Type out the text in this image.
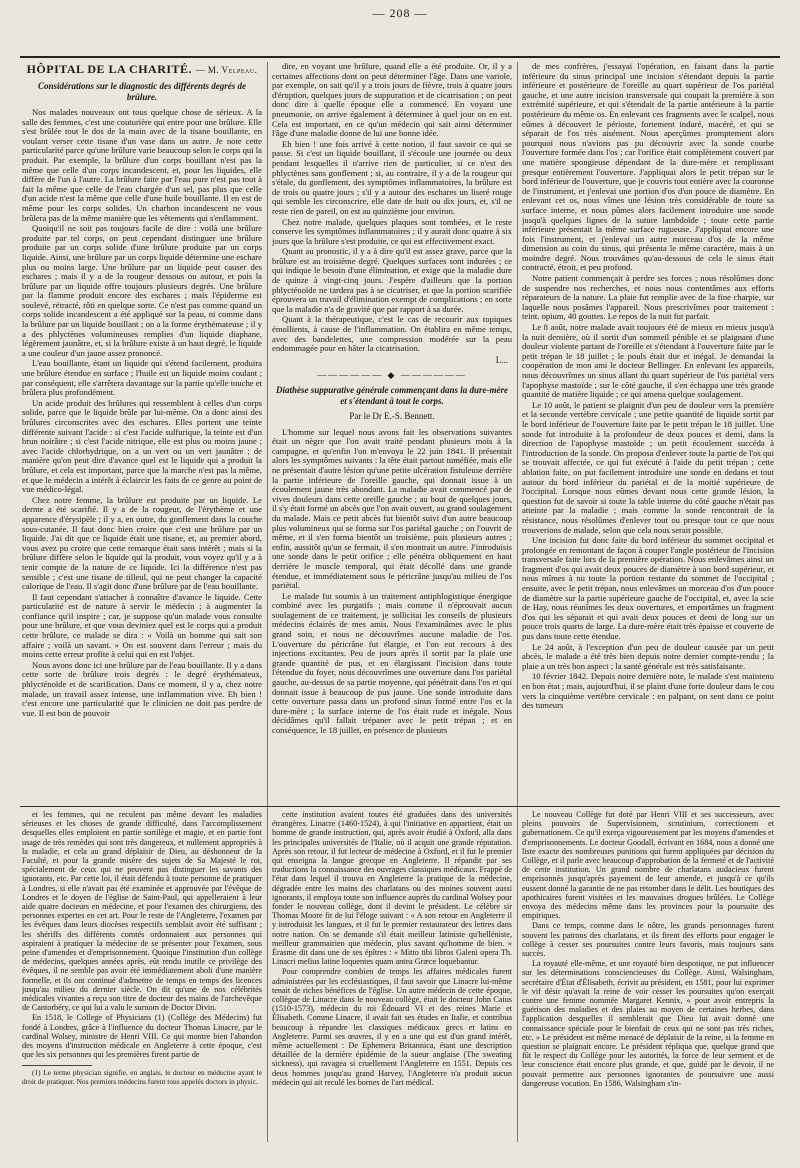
— 208 —
HÔPITAL DE LA CHARITÉ. — M. Velpeau.
Considérations sur le diagnostic des différents degrés de brûlure.

Nos malades nouveaux ont tous quelque chose de sérieux. A la salle des femmes, c'est une couturière qui entre pour une brûlure. Elle s'est brûlée tout le dos de la main avec de la tisane bouillante, en voulant verser cette tisane d'un vase dans un autre. Je note cette particularité parce qu'une brûlure varie beaucoup selon le corps qui la produit. Par exemple, la brûlure d'un corps bouillant n'est pas la même que celle d'un corps incandescent, et, pour les liquides, elle diffère de l'un à l'autre. La brûlure faite par l'eau pure n'est pas tout à fait la même que celle de l'eau chargée d'un sel, pas plus que celle d'un acide n'est la même que celle d'une huile bouillante. Il en est de même pour les corps solides. Un charbon incandescent ne vous brûlera pas de la même manière que les vêtements qui s'enflamment.

Quoiqu'il ne soit pas toujours facile de dire : voilà une brûlure produite par tel corps, on peut cependant distinguer une brûlure produite par un corps solide d'une brûlure produite par un corps liquide. Ainsi, une brûlure par un corps liquide détermine une eschare plus ou moins large. Une brûlure par un liquide peut causer des eschares ; mais il y a de la rougeur dessous ou autour, et puis la brûlure par un liquide offre toujours plusieurs degrés. Une brûlure par la flamme produit encore des eschares ; mais l'épiderme est soulevé, rétracté, rôti en quelque sorte. Ce n'est pas comme quand un corps solide incandescent a été appliqué sur la peau, ni comme dans la brûlure par un liquide bouillant ; on a la forme érythémateuse ; il y a des phlyctènes volumineuses remplies d'un liquide diaphane, légèrement jaunâtre, et, si la brûlure existe à un haut degré, le liquide a une couleur d'un jaune assez prononcé.

L'eau bouillante, étant un liquide qui s'étend facilement, produira une brûlure étendue en surface ; l'huile est un liquide moins coulant ; par conséquent, elle s'arrêtera davantage sur la partie qu'elle touche et brûlera plus profondément.

Un acide produit des brûlures qui ressemblent à celles d'un corps solide, parce que le liquide brûle par lui-même. On a donc ainsi des brûlures circonscrites avec des eschares. Elles portent une teinte différente suivant l'acide : si c'est l'acide sulfurique, la teinte est d'un brun noirâtre ; si c'est l'acide nitrique, elle est plus ou moins jaune ; avec l'acide chlorhydrique, on a un vert ou un vert jaunâtre ; de manière qu'on peut dire d'avance quel est le liquide qui a produit la brûlure, et cela est important, parce que la marche n'est pas la même, et que le médecin a intérêt à éclaircir les faits de ce genre au point de vue médico-légal.

Chez notre femme, la brûlure est produite par un liquide. Le derme a été scarifié. Il y a de la rougeur, de l'érythème et une apparence d'érysipèle ; il y a, en outre, du gonflement dans la couche sous-cutanée. Il faut donc bien croire que c'est une brûlure par un liquide. J'ai dit que ce liquide était une tisane, et, au premier abord, vous avez pu croire que cette remarque était sans intérêt ; mais si la brûlure diffère selon le liquide qui la produit, vous voyez qu'il y a à tenir compte de la nature de ce liquide. Ici la différence n'est pas sensible ; c'est une tisane de tilleul, qui ne peut changer la capacité calorique de l'eau. Il s'agit donc d'une brûlure par de l'eau bouillante.

Il faut cependant s'attacher à connaître d'avance le liquide. Cette particularité est de nature à servir le médecin ; à augmenter la confiance qu'il inspire ; car, je suppose qu'un malade vous consulte pour une brûlure, et que vous deviniez quel est le corps qui a produit cette brûlure, ce malade se dira : « Voilà un homme qui sait son affaire ; voilà un savant. » On est souvent dans l'erreur ; mais du moins cette erreur profite à celui qui en est l'objet.

Nous avons donc ici une brûlure par de l'eau bouillante. Il y a dans cette sorte de brûlure trois degrés : le degré érythémateux, phlycténoïde et de scarification. Dans ce moment, il y a, chez notre malade, un travail assez intense, une inflammation vive. Eh bien ! c'est encore une particularité que le clinicien ne doit pas perdre de vue. Il est bon de pouvoir

dire, en voyant une brûlure, quand elle a été produite. Or, il y a certaines affections dont on peut déterminer l'âge. Dans une variole, par exemple, on sait qu'il y a trois jours de fièvre, trois à quatre jours d'éruption, quelques jours de suppuration et de cicatrisation ; on peut donc dire à quelle époque elle a commencé. En voyant une pneumonie, on arrive également à déterminer à quel jour on en est. Cela est important, en ce qu'un médecin qui sait ainsi déterminer l'âge d'une maladie donne de lui une bonne idée.

Eh bien ! une fois arrivé à cette notion, il faut savoir ce qui se passe. Si c'est un liquide bouillant, il s'écoule une journée ou deux pendant lesquelles il n'arrive rien de particulier, si ce n'est des phlyctènes sans gonflement ; si, au contraire, il y a de la rougeur qui s'étale, du gonflement, des symptômes inflammatoires, la brûlure est de trois ou quatre jours ; s'il y a autour des eschares un liseré rouge qui semble les circonscrire, elle date de huit ou dix jours, et, s'il ne reste rien de pareil, on est au quinzième jour environ.

Chez notre malade, quelques plaques sont tombées, et le reste conserve les symptômes inflammatoires ; il y aurait donc quatre à six jours que la brûlure s'est produite, ce qui est effectivement exact.

Quant au pronostic, il y a à dire qu'il est assez grave, parce que la brûlure est au troisième degré. Quelques surfaces sont indurées ; ce qui indique le besoin d'une élimination, et exige que la maladie dure de quinze à vingt-cinq jours. J'espère d'ailleurs que la portion phlycténoïde ne tardera pas à se cicatriser, et que la portion scarifiée éprouvera un travail d'élimination exempt de complications ; en sorte que la maladie n'a de gravité que par rapport à sa durée.

Quant à la thérapeutique, c'est le cas de recourir aux topiques émollients, à cause de l'inflammation. On établira en même temps, avec des bandelettes, une compression modérée sur la peau endommagée pour en hâter la cicatrisation.

L...
—————— ◆ ——————
Diathèse suppurative générale commençant dans la dure-mère et s'étendant à tout le corps.
Par le Dr E.-S. Bennett.

L'homme sur lequel nous avons fait les observations suivantes était un nègre que l'on avait traité pendant plusieurs mois à la campagne, et qu'enfin l'on m'envoya le 22 juin 1841. Il présentait alors les symptômes suivants : la tête était partout tuméfiée, mais elle ne présentait d'autre lésion qu'une petite ulcération fistuleuse derrière la partie inférieure de l'oreille gauche, qui donnait issue à un écoulement jaune très abondant. La maladie avait commencé par de vives douleurs dans cette oreille gauche ; au bout de quelques jours, il s'y était formé un abcès que l'on avait ouvert, au grand soulagement du malade. Mais ce petit abcès fut bientôt suivi d'un autre beaucoup plus volumineux qui se forma sur l'os pariétal gauche ; on l'ouvrit de même, et il s'en forma bientôt un troisième, puis plusieurs autres ; enfin, aussitôt qu'un se fermait, il s'en montrait un autre. J'introduisis une sonde dans le petit orifice ; elle pénétra obliquement en haut derrière le muscle temporal, qui était décollé dans une grande étendue, et immédiatement sous le péricrâne jusqu'au milieu de l'os pariétal.

Le malade fut soumis à un traitement antiphlogistique énergique combiné avec les purgatifs ; mais comme il n'éprouvait aucun soulagement de ce traitement, je sollicitai les conseils de plusieurs médecins éclairés de mes amis. Nous l'examinâmes avec le plus grand soin, et nous ne découvrîmes aucune maladie de l'os. L'ouverture du péricrâne fut élargie, et l'on eut recours à des injections excitantes. Peu de jours après il sortit par la plaie une grande quantité de pus, et en élargissant l'incision dans toute l'étendue du foyer, nous découvrîmes une ouverture dans l'os pariétal gauche, au-dessus de sa partie moyenne, qui pénétrait dans l'os et qui donnait issue à beaucoup de pus jaune. Une sonde introduite dans cette ouverture passa dans un profond sinus formé entre l'os et la dure-mère ; la surface interne de l'os était rude et inégale. Nous décidâmes qu'il fallait trépaner avec le petit trépan ; et en conséquence, le 18 juillet, en présence de plusieurs

de mes confrères, j'essayai l'opération, en faisant dans la partie inférieure du sinus principal une incision s'étendant depuis la partie inférieure et postérieure de l'oreille au quart supérieur de l'os pariétal gauche, et une autre incision transversale qui coupait la première à son extrémité supérieure, et qui s'étendait de la partie antérieure à la partie postérieure du même os. En enlevant ces fragments avec le scalpel, nous eûmes à découvert le périoste, fortement induré, macéré, et qui se séparait de l'os très aisément. Nous aperçûmes promptement alors pourquoi nous n'avions pas pu découvrir avec la sonde courbe l'ouverture formée dans l'os ; car l'orifice était complètement couvert par une matière spongieuse dépendant de la dure-mère et remplissant presque entièrement l'ouverture. J'appliquai alors le petit trépan sur le bord inférieur de l'ouverture, que je couvris tout entière avec la couronne de l'instrument, et j'enlevai une portion d'os d'un pouce de diamètre. En enlevant cet os, nous vîmes une lésion très considérable de toute sa surface interne, et nous pûmes alors facilement introduire une sonde jusqu'à quelques lignes de la suture lambdoïde ; toute cette partie inférieure présentait la même surface rugueuse. J'appliquai encore une fois l'instrument, et j'enlevai un autre morceau d'os de la même dimension au coin du sinus, qui présenta le même caractère, mais à un moindre degré. Nous trouvâmes qu'au-dessous de cela le sinus était contracté, étroit, et peu profond.

Notre patient commençait à perdre ses forces ; nous résolûmes donc de suspendre nos recherches, et nous nous contentâmes aux efforts réparateurs de la nature. La plaie fut remplie avec de la fine charpie, sur laquelle nous posâmes l'appareil. Nous prescrivîmes pour traitement : teint. opium, 40 gouttes. Le repos de la nuit fut parfait.

Le 8 août, notre malade avait toujours été de mieux en mieux jusqu'à la nuit dernière, où il sortit d'un sommeil pénible et se plaignant d'une douleur violente partant de l'oreille et s'étendant à l'ouverture faite par le petit trépan le 18 juillet ; le pouls était dur et inégal. Je demandai la coopération de mon ami le docteur Bellinger. En enlevant les appareils, nous découvrîmes un sinus allant du quart supérieur de l'os pariétal vers l'apophyse mastoïde ; sur le côté gauche, il s'en échappa une très grande quantité de matière liquide ; ce qui amena quelque soulagement.

Le 10 août, le patient se plaignit d'un peu de douleur vers la première et la seconde vertèbre cervicale ; une petite quantité de liquide sortit par le bord inférieur de l'ouverture faite par le petit trépan le 18 juillet. Une sonde fut introduite à la profondeur de deux pouces et demi, dans la direction de l'apophyse mastoïde ; un petit écoulement succéda à l'introduction de la sonde. On proposa d'enlever toute la partie de l'os qui se trouvait affectée, ce qui fut exécuté à l'aide du petit trépan ; cette ablation faite, on put facilement introduire une sonde en dedans et tout autour du bord inférieur du pariétal et de la moitié supérieure de l'occipital. Lorsque nous eûmes devant nous cette grande lésion, la question fut de savoir si toute la table interne du côté gauche n'était pas atteinte par la maladie ; mais comme la sonde rencontrait de la résistance, nous résolûmes d'enlever tout ou presque tout ce que nous trouverions de malade, selon que cela nous serait possible.

Une incision fut donc faite du bord inférieur du sommet occipital et prolongée en remontant de façon à couper l'angle postérieur de l'incision transversale faite lors de la première opération. Nous enlevâmes ainsi un fragment d'os qui avait deux pouces de diamètre à son bord supérieur, et nous mîmes à nu toute la portion restante du sommet de l'occipital ; ensuite, avec le petit trépan, nous enlevâmes un morceau d'os d'un pouce de diamètre sur la partie supérieure gauche de l'occipital, et, avec la scie de Hay, nous réunîmes les deux ouvertures, et emportâmes un fragment d'os qui les séparait et qui avait deux pouces et demi de long sur un pouce trois quarts de large. La dure-mère était très épaisse et couverte de pus dans toute cette étendue.

Le 24 août, à l'exception d'un peu de douleur causée par un petit abcès, le malade a été très bien depuis notre dernier compte-rendu ; la plaie a un très bon aspect ; la santé générale est très satisfaisante.

10 février 1842. Depuis notre dernière note, le malade s'est maintenu en bon état ; mais, aujourd'hui, il se plaint d'une forte douleur dans le cou vers la cinquième vertèbre cervicale : en palpant, on sent dans ce point des tumeurs

et les femmes, qui ne reculent pas même devant les maladies sérieuses et les choses de grande difficulté, dans l'accomplissement desquelles elles emploient en partie sortilège et magie, et en partie font usage de très remèdes qui sont très dangereux, et nullement appropriés à la maladie, et cela au grand déplaisir de Dieu, au déshonneur de la Faculté, et pour la grande misère des sujets de Sa Majesté le roi, spécialement de ceux qui ne peuvent pas distinguer les savants des ignorants, etc. Par cette loi, il était défendu à toute personne de pratiquer à Londres, si elle n'avait pas été examinée et approuvée par l'évêque de Londres et le doyen de l'église de Saint-Paul, qui appelleraient à leur aide quatre docteurs en médecine, et pour l'examen des chirurgiens, des personnes expertes en cet art. Pour le reste de l'Angleterre, l'examen par les évêques dans leurs diocèses respectifs semblait avoir été suffisant ; les shériffs des différents comtés ordonnaient aux personnes qui aspiraient à pratiquer la médecine de se présenter pour l'examen, sous peine d'amendes et d'emprisonnement. Quoique l'institution d'un collège de médecins, quelques années après, eût rendu inutile ce privilège des évêques, il ne semble pas avoir été immédiatement aboli d'une manière formelle, et ils ont continué d'admettre de temps en temps des licences jusqu'au milieu du dernier siècle. On dit qu'une de nos célébrités médicales vivantes a reçu son titre de docteur des mains de l'archevêque de Cantorbéry, ce qui lui a valu le surnom de Doctor Divin.

En 1518, le College of Physicians (1) (Collége des Médecins) fut fondé à Londres, grâce à l'influence du docteur Thomas Linacre, par le cardinal Wolsey, ministre de Henri VIII. Ce qui montre bien l'abandon des moyens d'instruction médicale en Angleterre à cette époque, c'est que les six personnes qui les premières firent partie de

(1) Le terme physician signifie, en anglais, le docteur en médecine ayant le droit de pratiquer. Nos premiers médecins furent tous appelés doctors in physic.

cette institution avaient toutes été graduées dans des universités étrangères. Linacre (1460-1524), à qui l'initiative en appartient, était un homme de grande instruction, qui, après avoir étudié à Oxford, alla dans les principales universités de l'Italie, où il acquit une grande réputation. Après son retour, il fut lecteur de médecine à Oxford, et il fut le premier qui enseigna la langue grecque en Angleterre. Il répandit par ses traductions la connaissance des ouvrages classiques médicaux. Frappé de l'état dans lequel il trouva en Angleterre la pratique de la médecine, dégradée entre les mains des charlatans ou des moines souvent aussi ignorants, il employa toute son influence auprès du cardinal Wolsey pour fonder le nouveau collège, dont il devint le président. Le célèbre sir Thomas Moore fit de lui l'éloge suivant : « A son retour en Angleterre il y introduisit les langues, et il fut le premier restaurateur des lettres dans notre nation. On se demande s'il était meilleur latiniste qu'helléniste, meilleur grammairien que médecin, plus savant qu'homme de bien. » Érasme dit dans une de ses épîtres : « Mitto tibi libros Galeni opera Th. Linacri melius latine loquentes quam antea Græce loquebantur.

Pour comprendre combien de temps les affaires médicales furent administrées par les ecclésiastiques, il faut savoir que Linacre lui-même tenait de riches bénéfices de l'église. Un autre médecin de cette époque, collègue de Linacre dans le nouveau collège, était le docteur John Caius (1510-1573), médecin du roi Édouard VI et des reines Marie et Élisabeth. Comme Linacre, il avait fait ses études en Italie, et contribua beaucoup à répandre les classiques médicaux grecs et latins en Angleterre. Parmi ses œuvres, il y en a une qui est d'un grand intérêt, même actuellement : De Ephemera Britannica, étant une description détaillée de la dernière épidémie de la sueur anglaise (The sweating sickness), qui ravagea si cruellement l'Angleterre en 1551. Depuis ces deux hommes jusqu'au grand Harvey, l'Angleterre n'a produit aucun médecin qui ait reculé les bornes de l'art médical.

Le nouveau Collège fut doté par Henri VIII et ses successeurs, avec pleins pouvoirs de Supervisionem, scrutinium, correctionem et gubernationem. Ce qu'il exerça vigoureusement par les moyens d'amendes et d'emprisonnements. Le docteur Goodall, écrivant en 1684, nous a donné une liste exacte des nombreuses punitions qui furent appliquées par décision du Collège, et il parle avec beaucoup d'approbation de la fermeté et de l'activité de cette institution. Un grand nombre de charlatans audacieux furent emprisonnés jusqu'après payement de leur amende, et jusqu'à ce qu'ils eussent donné la garantie de ne pas retomber dans le délit. Les boutiques des apothicaires furent visitées et les mauvaises drogues brûlées. Le Collège envoya des médecins même dans les provinces pour la poursuite des empiriques.

Dans ce temps, comme dans le nôtre, les grands personnages furent souvent les patrons des charlatans, et ils firent des efforts pour engager le collège à cesser ses poursuites contre leurs favoris, mais toujours sans succès.

La royauté elle-même, et une royauté bien despotique, ne put influencer sur les déterminations consciencieuses du Collège. Ainsi, Walsingham, secrétaire d'État d'Élisabeth, écrivit au président, en 1581, pour lui exprimer le vif désir qu'avait la reine de voir cesser les poursuites qu'on exerçait contre une femme nommée Margaret Kennix, « pour avoir entrepris la guérison des maladies et des plaies au moyen de certaines herbes, dans l'application desquelles il semblerait que Dieu lui avait donné une connaissance spéciale pour le bienfait de ceux qui ne sont pas très riches, etc. » Le président est même menacé de déplaisir de la reine, si la femme en question se plaignait encore. Le président répliqua que, quelque grand que fût le respect du Collège pour les autorités, la force de leur serment et de leur conscience était encore plus grande, et que, guidé par le devoir, il ne pouvait permettre aux personnes ignorantes de poursuivre une aussi dangereuse vocation. En 1586, Walsingham s'in-
